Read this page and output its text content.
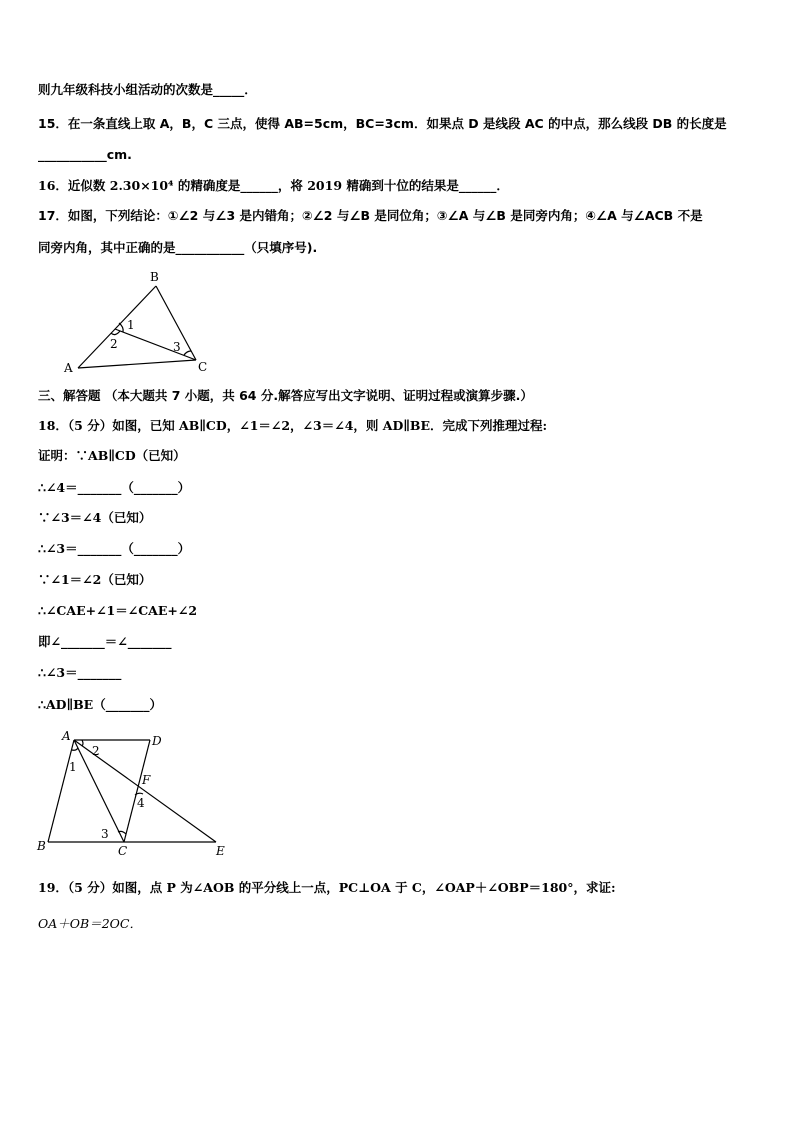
则九年级科技小组活动的次数是_____．
15．在一条直线上取 A，B，C 三点，使得 AB=5cm，BC=3cm．如果点 D 是线段 AC 的中点，那么线段 DB 的长度是
___________cm.
16．近似数 2.30×10⁴ 的精确度是______，将 2019 精确到十位的结果是______．
17．如图，下列结论：①∠2 与∠3 是内错角；②∠2 与∠B 是同位角；③∠A 与∠B 是同旁内角；④∠A 与∠ACB 不是
同旁内角，其中正确的是___________（只填序号).
A
B
C
1
2	3
三、解答题 （本大题共 7 小题，共 64 分.解答应写出文字说明、证明过程或演算步骤.）
18．（5 分）如图，已知 AB∥CD，∠1＝∠2，∠3＝∠4，则 AD∥BE．完成下列推理过程:
证明：∵AB∥CD（已知）
∴∠4＝_______（_______）
∵∠3＝∠4（已知）
∴∠3＝_______（_______）
∵∠1＝∠2（已知）
∴∠CAE+∠1＝∠CAE+∠2
即∠_______＝∠_______
∴∠3＝_______
∴AD∥BE（_______）
A	D
F
B	C	E
1
2
3
4
19．（5 分）如图，点 P 为∠AOB 的平分线上一点，PC⊥OA 于 C，∠OAP＋∠OBP＝180°，求证:
OA＋OB＝2OC．
